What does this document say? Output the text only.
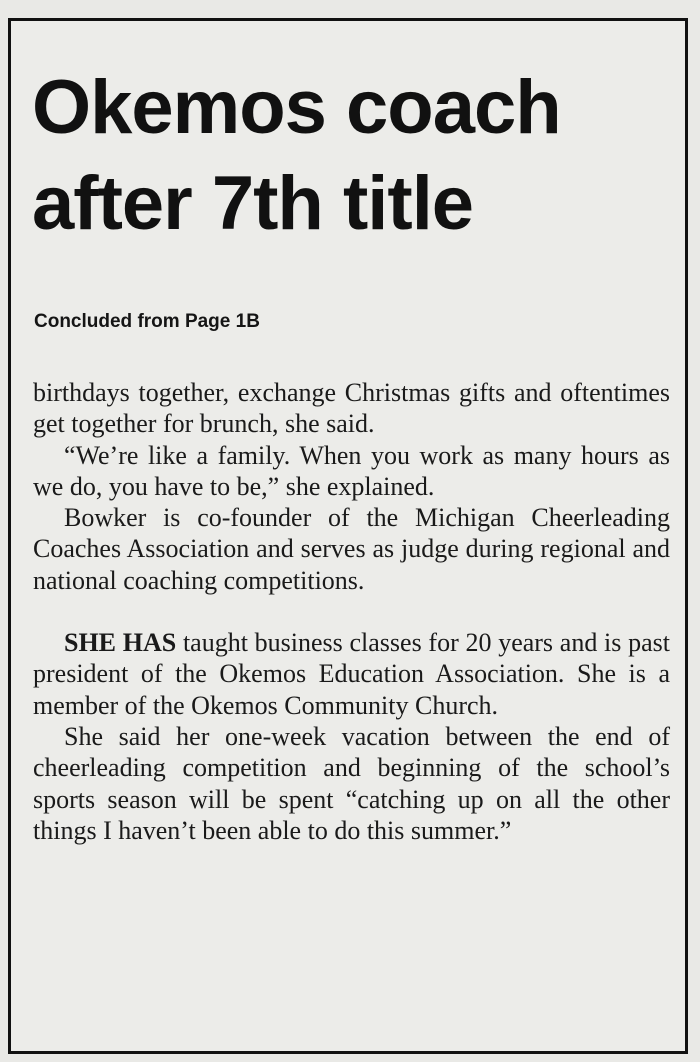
Okemos coach
after 7th title
Concluded from Page 1B

birthdays together, exchange Christmas gifts and oftentimes get together for brunch, she said.

“We’re like a family. When you work as many hours as we do, you have to be,” she explained.

Bowker is co-founder of the Michigan Cheerleading Coaches Association and serves as judge during regional and national coaching competitions.

SHE HAS taught business classes for 20 years and is past president of the Okemos Education Association. She is a member of the Okemos Community Church.

She said her one-week vacation between the end of cheerleading competition and beginning of the school’s sports season will be spent “catching up on all the other things I haven’t been able to do this summer.”
